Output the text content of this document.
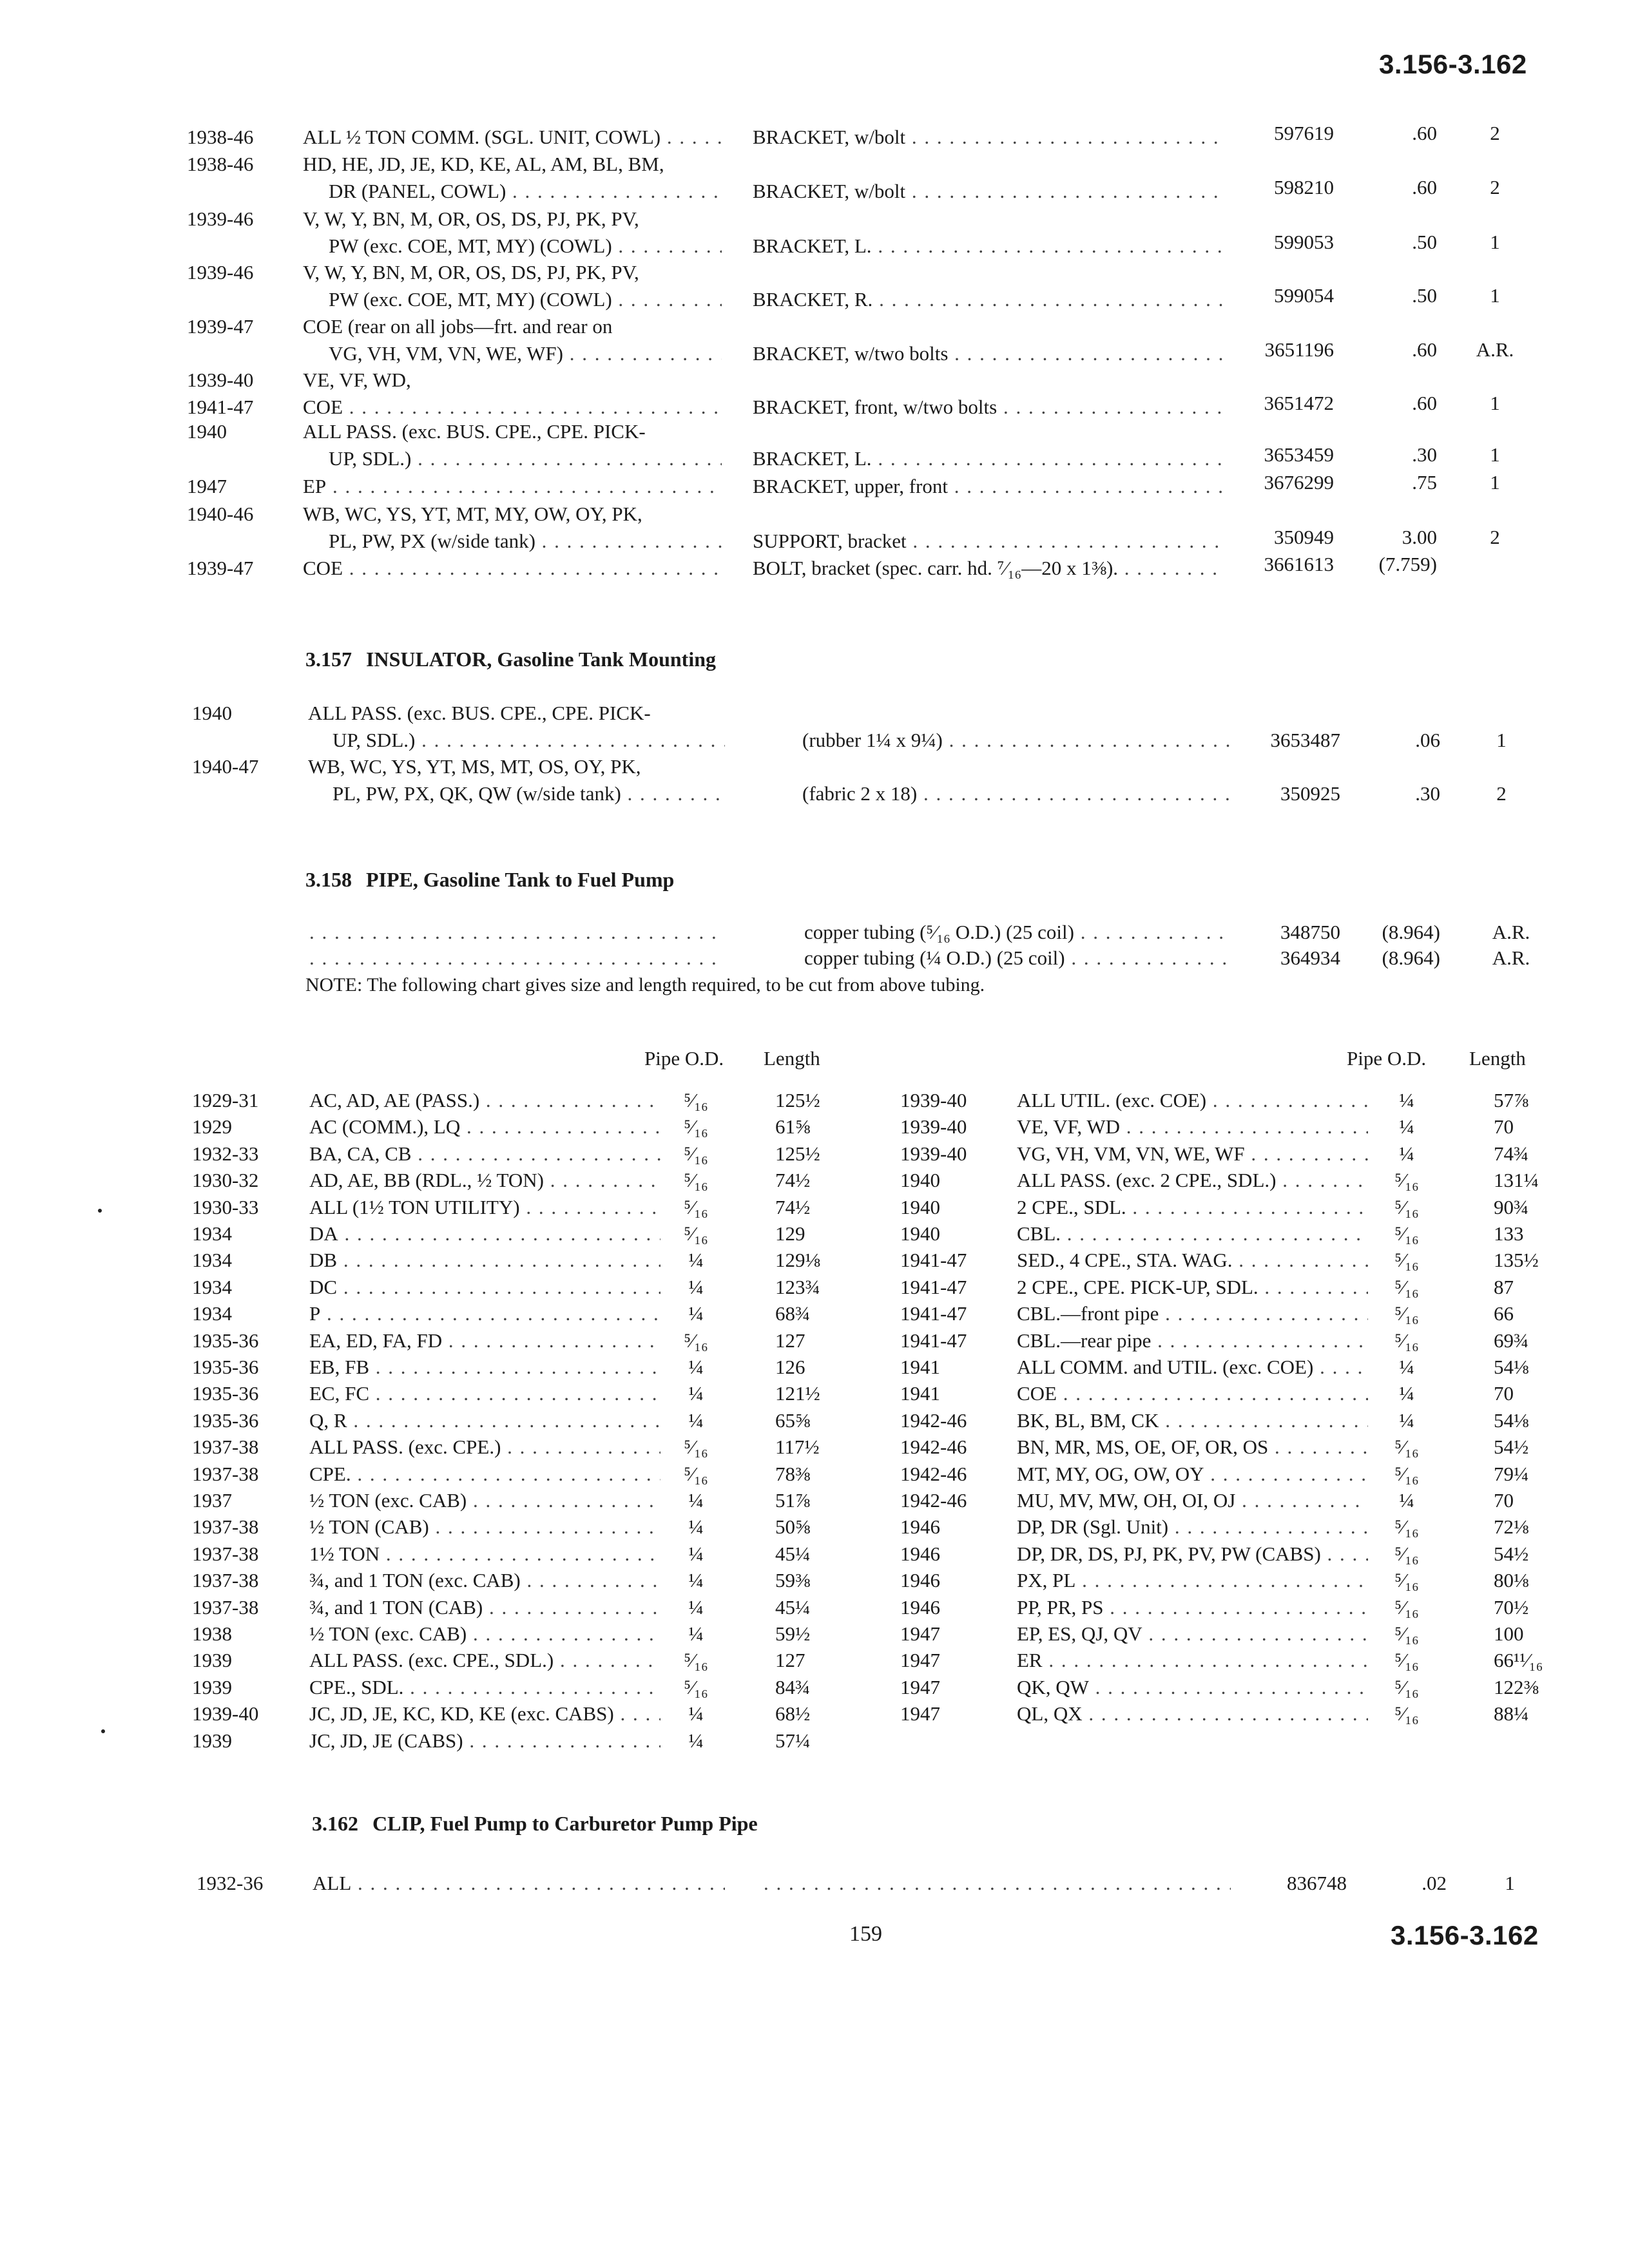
3.156-3.162
1938-46 ALL ½ TON COMM. (SGL. UNIT, COWL) . . .	BRACKET, w/bolt . . .	597619	.60	2
1938-46 HD, HE, JD, JE, KD, KE, AL, AM, BL, BM,
DR (PANEL, COWL) . . .	BRACKET, w/bolt . . .	598210	.60	2
1939-46 V, W, Y, BN, M, OR, OS, DS, PJ, PK, PV,
PW (exc. COE, MT, MY) (COWL) . . .	BRACKET, L. . . .	599053	.50	1
1939-46 V, W, Y, BN, M, OR, OS, DS, PJ, PK, PV,
PW (exc. COE, MT, MY) (COWL) . . .	BRACKET, R. . . .	599054	.50	1
1939-47 COE (rear on all jobs—frt. and rear on
VG, VH, VM, VN, WE, WF) . . .	BRACKET, w/two bolts . . .	3651196	.60	A.R.
1939-40
1941-47
VE, VF, WD,
COE . . .	BRACKET, front, w/two bolts . . .	3651472	.60	1
1940	ALL PASS. (exc. BUS. CPE., CPE. PICK-
UP, SDL.) . . .	BRACKET, L. . . .	3653459	.30	1
1947	EP . . .	BRACKET, upper, front . . .	3676299	.75	1
1940-46 WB, WC, YS, YT, MT, MY, OW, OY, PK,
PL, PW, PX (w/side tank) . . .	SUPPORT, bracket . . .	350949	3.00	2
1939-47 COE . . .	BOLT, bracket (spec. carr. hd. ⁷⁄₁₆—20 x 1⅜). . . .	3661613	(7.759)
3.157 INSULATOR, Gasoline Tank Mounting
1940	ALL PASS. (exc. BUS. CPE., CPE. PICK-
UP, SDL.) . . .	(rubber 1¼ x 9¼) . . .	3653487	.06	1
1940-47 WB, WC, YS, YT, MS, MT, OS, OY, PK,
PL, PW, PX, QK, QW (w/side tank) . . .	(fabric 2 x 18) . . .	350925	.30	2
3.158 PIPE, Gasoline Tank to Fuel Pump
. . .
copper tubing (⁵⁄₁₆ O.D.) (25 coil) . . .	348750	(8.964)	A.R.
. . .
copper tubing (¼ O.D.) (25 coil) . . .	364934	(8.964)	A.R.
NOTE: The following chart gives size and length required, to be cut from above tubing.
Pipe O.D. Length	Pipe O.D. Length
1929-31	AC, AD, AE (PASS.) . . .	⁵⁄₁₆	125½
1929	AC (COMM.), LQ . . .	⁵⁄₁₆	61⅝
1932-33	BA, CA, CB . . .	⁵⁄₁₆	125½
1930-32	AD, AE, BB (RDL., ½ TON) . . .	⁵⁄₁₆	74½
1930-33	ALL (1½ TON UTILITY) . . .	⁵⁄₁₆	74½
1934	DA . . .	⁵⁄₁₆	129
1934	DB . . .	¼	129⅛
1934	DC . . .	¼	123¾
1934	P . . .	¼	68¾
1935-36	EA, ED, FA, FD . . .	⁵⁄₁₆	127
1935-36	EB, FB . . .	¼	126
1935-36	EC, FC . . .	¼	121½
1935-36	Q, R . . .	¼	65⅝
1937-38	ALL PASS. (exc. CPE.) . . .	⁵⁄₁₆	117½
1937-38	CPE. . . .	⁵⁄₁₆	78⅜
1937	½ TON (exc. CAB) . . .	¼	51⅞
1937-38	½ TON (CAB) . . .	¼	50⅝
1937-38	1½ TON . . .	¼	45¼
1937-38	¾, and 1 TON (exc. CAB) . . .	¼	59⅜
1937-38	¾, and 1 TON (CAB) . . .	¼	45¼
1938	½ TON (exc. CAB) . . .	¼	59½
1939	ALL PASS. (exc. CPE., SDL.) . . .	⁵⁄₁₆	127
1939	CPE., SDL. . . .	⁵⁄₁₆	84¾
1939-40	JC, JD, JE, KC, KD, KE (exc. CABS) . . .	¼	68½
1939	JC, JD, JE (CABS) . . .	¼	57¼
1939-40	ALL UTIL. (exc. COE) . . .	¼	57⅞
1939-40	VE, VF, WD . . .	¼	70
1939-40	VG, VH, VM, VN, WE, WF . . .	¼	74¾
1940	ALL PASS. (exc. 2 CPE., SDL.) . . .	⁵⁄₁₆	131¼
1940	2 CPE., SDL. . . .	⁵⁄₁₆	90¾
1940	CBL. . . .	⁵⁄₁₆	133
1941-47	SED., 4 CPE., STA. WAG. . . .	⁵⁄₁₆	135½
1941-47	2 CPE., CPE. PICK-UP, SDL. . . .	⁵⁄₁₆	87
1941-47	CBL.—front pipe . . .	⁵⁄₁₆	66
1941-47	CBL.—rear pipe . . .	⁵⁄₁₆	69¾
1941	ALL COMM. and UTIL. (exc. COE) . . .	¼	54⅛
1941	COE . . .	¼	70
1942-46	BK, BL, BM, CK . . .	¼	54⅛
1942-46	BN, MR, MS, OE, OF, OR, OS . . .	⁵⁄₁₆	54½
1942-46	MT, MY, OG, OW, OY . . .	⁵⁄₁₆	79¼
1942-46	MU, MV, MW, OH, OI, OJ . . .	¼	70
1946	DP, DR (Sgl. Unit) . . .	⁵⁄₁₆	72⅛
1946	DP, DR, DS, PJ, PK, PV, PW (CABS) . . .	⁵⁄₁₆	54½
1946	PX, PL . . .	⁵⁄₁₆	80⅛
1946	PP, PR, PS . . .	⁵⁄₁₆	70½
1947	EP, ES, QJ, QV . . .	⁵⁄₁₆	100
1947	ER . . .	⁵⁄₁₆	66¹¹⁄₁₆
1947	QK, QW . . .	⁵⁄₁₆	122⅜
1947	QL, QX . . .	⁵⁄₁₆	88¼
3.162 CLIP, Fuel Pump to Carburetor Pump Pipe
1932-36 ALL . . .
. . .	836748	.02	1
159	3.156-3.162
